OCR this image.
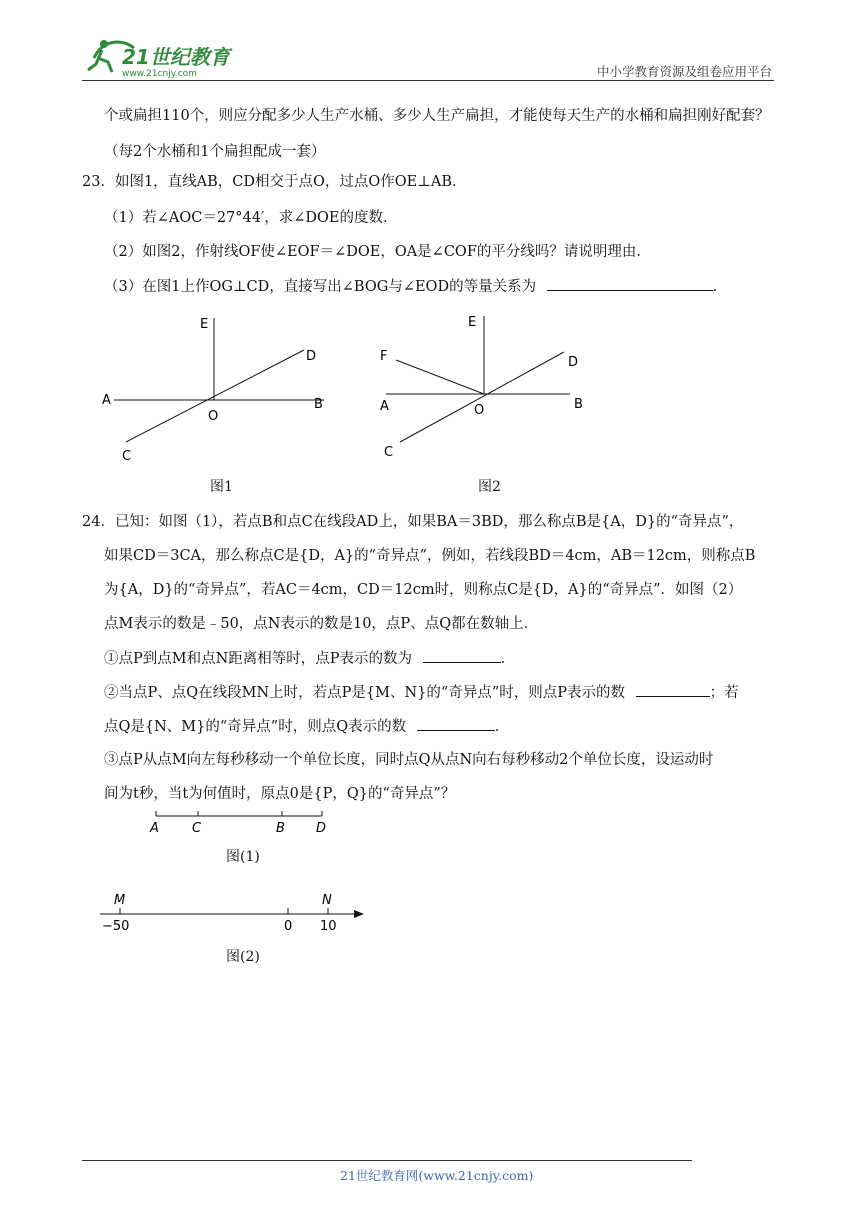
21世纪教育
www.21cnjy.com	中小学教育资源及组卷应用平台
个或扁担110个，则应分配多少人生产水桶、多少人生产扁担，才能使每天生产的水桶和扁担刚好配套？
（每2个水桶和1个扁担配成一套）
23．如图1，直线AB，CD相交于点O，过点O作OE⊥AB．
（1）若∠AOC＝27°44′，求∠DOE的度数．
（2）如图2，作射线OF使∠EOF＝∠DOE，OA是∠COF的平分线吗？请说明理由．
（3）在图1上作OG⊥CD，直接写出∠BOG与∠EOD的等量关系为	．
E
D
A
O
B
C
图1
E
F	D
A	O	B
C
图2
24．已知：如图（1），若点B和点C在线段AD上，如果BA＝3BD，那么称点B是{A，D}的“奇异点”，
如果CD＝3CA，那么称点C是{D，A}的“奇异点”，例如，若线段BD＝4cm，AB＝12cm，则称点B
为{A，D}的“奇异点”，若AC＝4cm，CD＝12cm时，则称点C是{D，A}的“奇异点”．如图（2）
点M表示的数是﹣50，点N表示的数是10，点P、点Q都在数轴上．
①点P到点M和点N距离相等时，点P表示的数为	．
②当点P、点Q在线段MN上时，若点P是{M、N}的“奇异点”时，则点P表示的数	；若
点Q是{N、M}的“奇异点”时，则点Q表示的数	．
③点P从点M向左每秒移动一个单位长度，同时点Q从点N向右每秒移动2个单位长度，设运动时
间为t秒，当t为何值时，原点0是{P，Q}的“奇异点”？
A	C	B D
图(1)
M	N
−50	0 10
图(2)
21世纪教育网(www.21cnjy.com)
